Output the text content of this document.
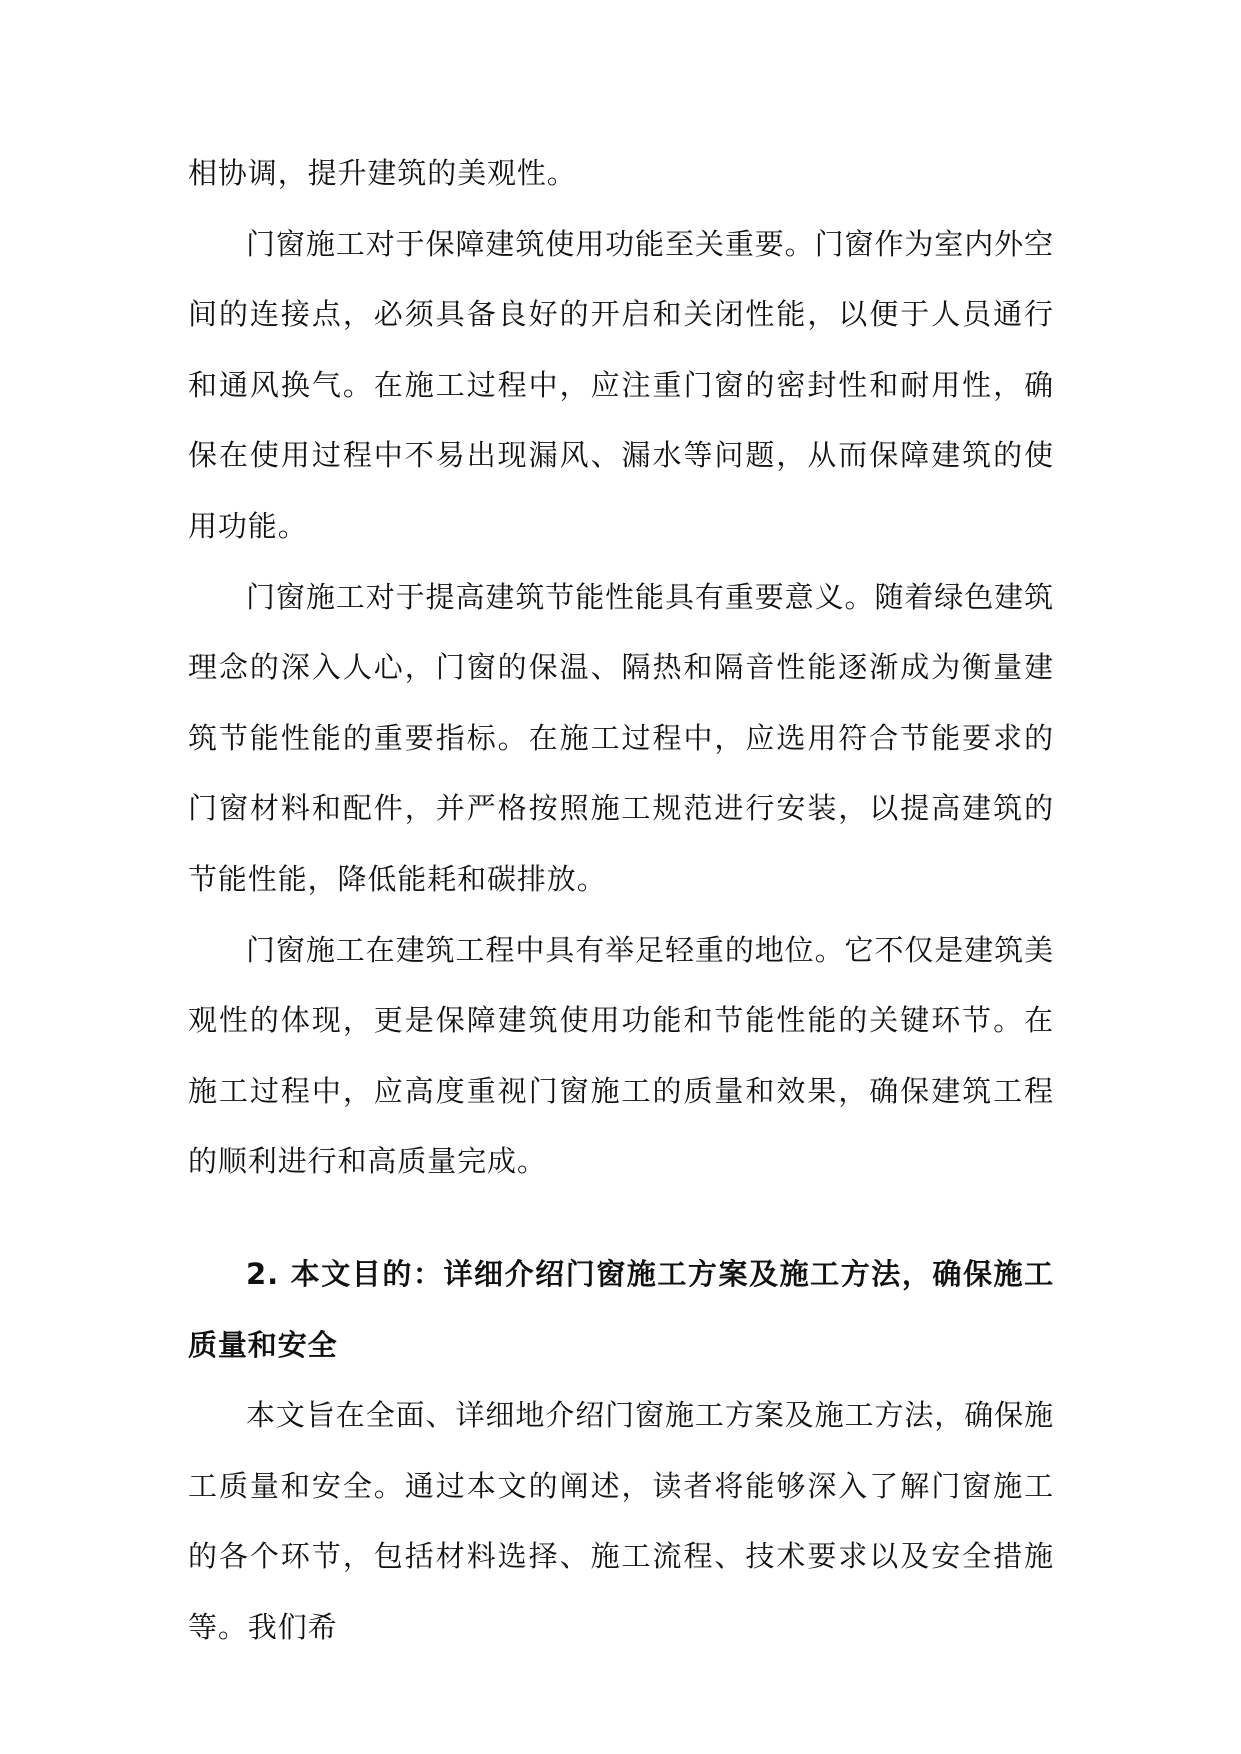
相协调，提升建筑的美观性。

门窗施工对于保障建筑使用功能至关重要。门窗作为室内外空间的连接点，必须具备良好的开启和关闭性能，以便于人员通行和通风换气。在施工过程中，应注重门窗的密封性和耐用性，确保在使用过程中不易出现漏风、漏水等问题，从而保障建筑的使用功能。

门窗施工对于提高建筑节能性能具有重要意义。随着绿色建筑理念的深入人心，门窗的保温、隔热和隔音性能逐渐成为衡量建筑节能性能的重要指标。在施工过程中，应选用符合节能要求的门窗材料和配件，并严格按照施工规范进行安装，以提高建筑的节能性能，降低能耗和碳排放。

门窗施工在建筑工程中具有举足轻重的地位。它不仅是建筑美观性的体现，更是保障建筑使用功能和节能性能的关键环节。在施工过程中，应高度重视门窗施工的质量和效果，确保建筑工程的顺利进行和高质量完成。

2. 本文目的：详细介绍门窗施工方案及施工方法，确保施工质量和安全

本文旨在全面、详细地介绍门窗施工方案及施工方法，确保施工质量和安全。通过本文的阐述，读者将能够深入了解门窗施工的各个环节，包括材料选择、施工流程、技术要求以及安全措施等。我们希
